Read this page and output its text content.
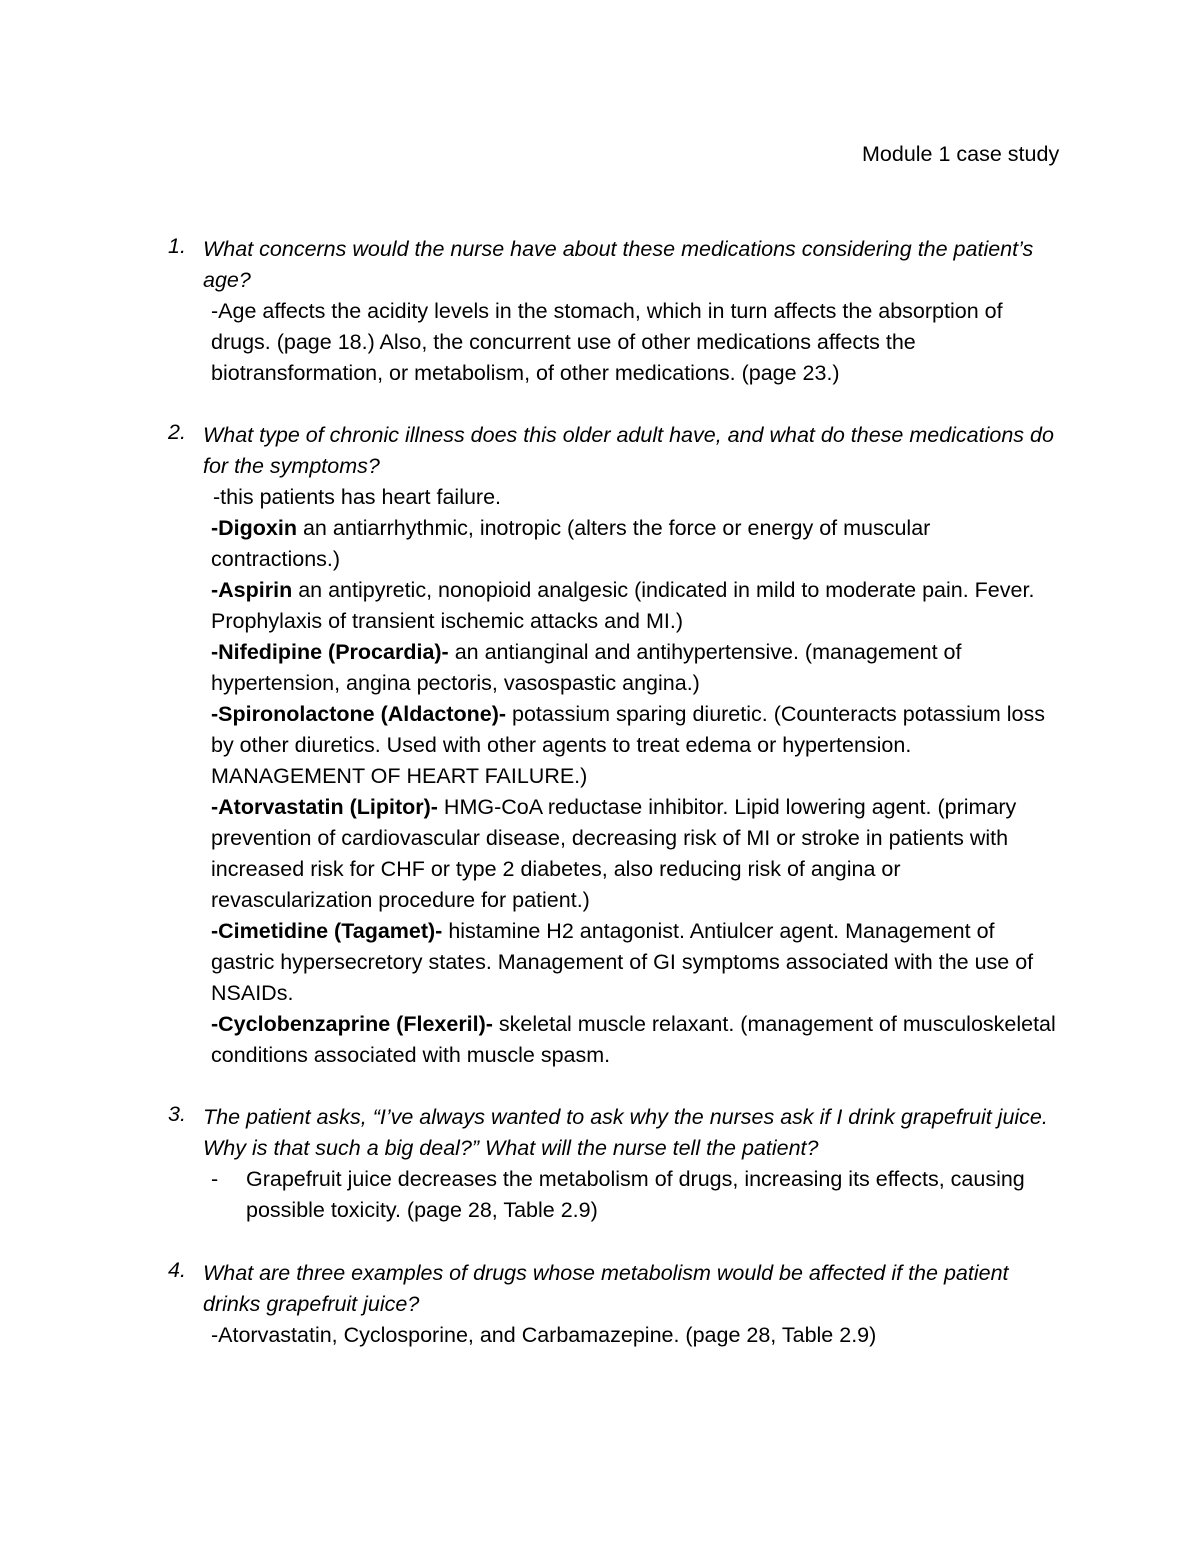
Module 1 case study
1. What concerns would the nurse have about these medications considering the patient’s age?

-Age affects the acidity levels in the stomach, which in turn affects the absorption of drugs. (page 18.) Also, the concurrent use of other medications affects the biotransformation, or metabolism, of other medications. (page 23.)

2. What type of chronic illness does this older adult have, and what do these medications do for the symptoms?

-this patients has heart failure.

-Digoxin an antiarrhythmic, inotropic (alters the force or energy of muscular contractions.)

-Aspirin an antipyretic, nonopioid analgesic (indicated in mild to moderate pain. Fever. Prophylaxis of transient ischemic attacks and MI.)

-Nifedipine (Procardia)- an antianginal and antihypertensive. (management of hypertension, angina pectoris, vasospastic angina.)

-Spironolactone (Aldactone)- potassium sparing diuretic. (Counteracts potassium loss by other diuretics. Used with other agents to treat edema or hypertension. MANAGEMENT OF HEART FAILURE.)

-Atorvastatin (Lipitor)- HMG-CoA reductase inhibitor. Lipid lowering agent. (primary prevention of cardiovascular disease, decreasing risk of MI or stroke in patients with increased risk for CHF or type 2 diabetes, also reducing risk of angina or revascularization procedure for patient.)

-Cimetidine (Tagamet)- histamine H2 antagonist. Antiulcer agent. Management of gastric hypersecretory states. Management of GI symptoms associated with the use of NSAIDs.

-Cyclobenzaprine (Flexeril)- skeletal muscle relaxant. (management of musculoskeletal conditions associated with muscle spasm.

3. The patient asks, “I’ve always wanted to ask why the nurses ask if I drink grapefruit juice. Why is that such a big deal?” What will the nurse tell the patient?
- Grapefruit juice decreases the metabolism of drugs, increasing its effects, causing possible toxicity. (page 28, Table 2.9)
4. What are three examples of drugs whose metabolism would be affected if the patient drinks grapefruit juice?

-Atorvastatin, Cyclosporine, and Carbamazepine. (page 28, Table 2.9)
